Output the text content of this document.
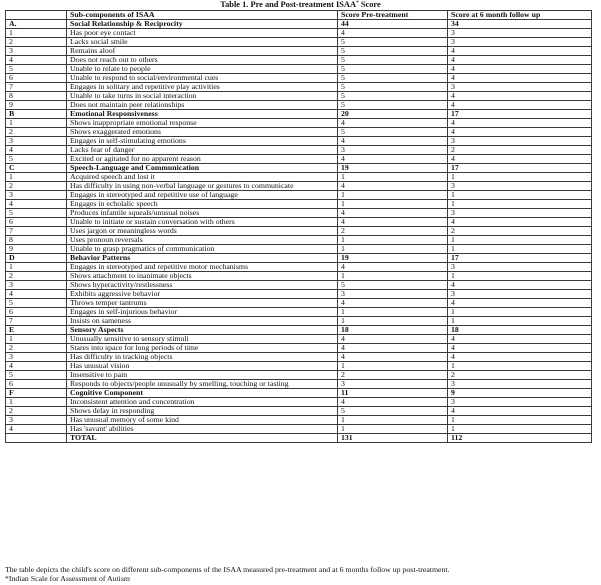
Table 1. Pre and Post-treatment ISAA* Score
	Sub-components of ISAA	Score Pre-treatment	Score at 6 month follow up
A.	Social Relationship & Reciprocity	44	34
1	Has poor eye contact	4	3
2	Lacks social smile	5	3
3	Remains aloof	5	4
4	Does not reach out to others	5	4
5	Unable to relate to people	5	4
6	Unable to respond to social/environmental cues	5	4
7	Engages in solitary and repetitive play activities	5	3
8	Unable to take turns in social interaction	5	4
9	Does not maintain peer relationships	5	4
B	Emotional Responsiveness	20	17
1	Shows inappropriate emotional response	4	4
2	Shows exaggerated emotions	5	4
3	Engages in self-stimulating emotions	4	3
4	Lacks fear of danger	3	2
5	Excited or agitated for no apparent reason	4	4
C	Speech-Language and Communication	19	17
1	Acquired speech and lost it	1	1
2	Has difficulty in using non-verbal language or gestures to communicate	4	3
3	Engages in stereotyped and repetitive use of language	1	1
4	Engages in echolalic speech	1	1
5	Produces infantile squeals/unusual noises	4	3
6	Unable to initiate or sustain conversation with others	4	4
7	Uses jargon or meaningless words	2	2
8	Uses pronoun reversals	1	1
9	Unable to grasp pragmatics of communication	1	1
D	Behavior Patterns	19	17
1	Engages in stereotyped and repetitive motor mechanisms	4	3
2	Shows attachment to inanimate objects	1	1
3	Shows hyperactivity/restlessness	5	4
4	Exhibits aggressive behavior	3	3
5	Throws temper tantrums	4	4
6	Engages in self-injurious behavior	1	1
7	Insists on sameness	1	1
E	Sensory Aspects	18	18
1	Unusually sensitive to sensory stimuli	4	4
2	Stares into space for long periods of time	4	4
3	Has difficulty in tracking objects	4	4
4	Has unusual vision	1	1
5	Insensitive to pain	2	2
6	Responds to objects/people unusually by smelling, touching or tasting	3	3
F	Cognitive Component	11	9
1	Inconsistent attention and concentration	4	3
2	Shows delay in responding	5	4
3	Has unusual memory of some kind	1	1
4	Has 'savant' abilities	1	1
	TOTAL	131	112
The table depicts the child's score on different sub-components of the ISAA measured pre-treatment and at 6 months follow up post-treatment.
*Indian Scale for Assessment of Autism
